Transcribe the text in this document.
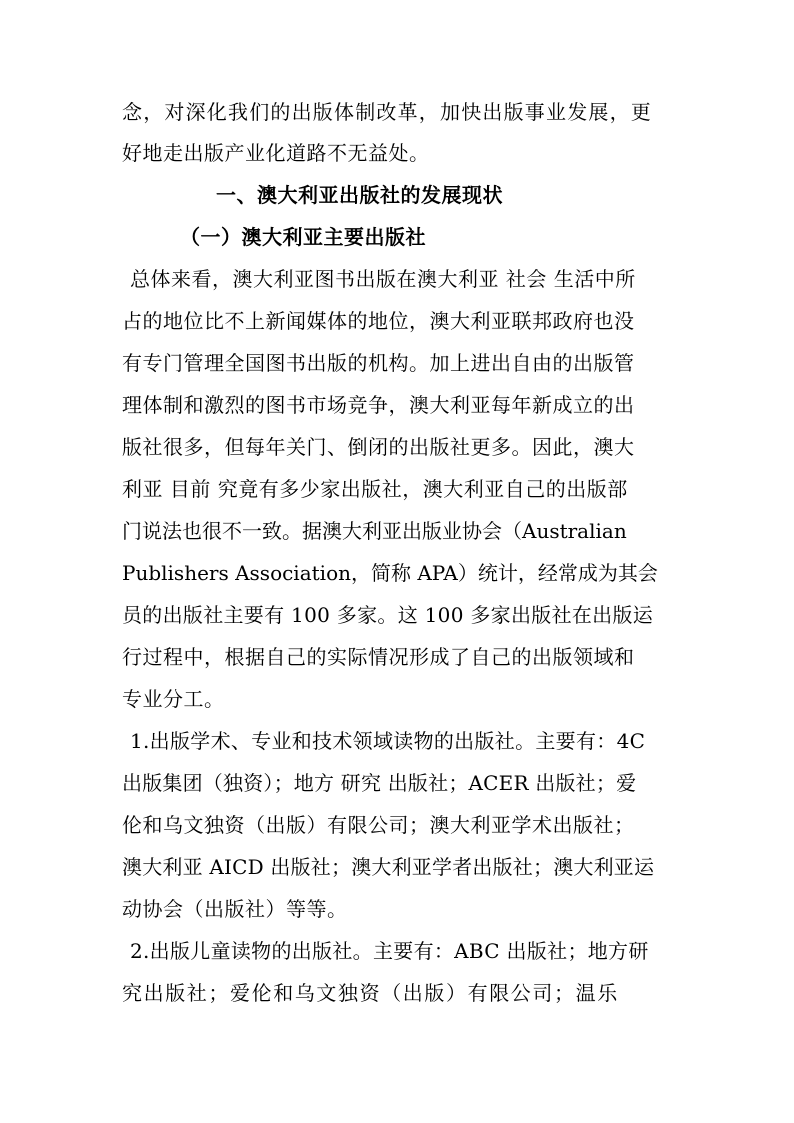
念，对深化我们的出版体制改革，加快出版事业发展，更
好地走出版产业化道路不无益处。
一、澳大利亚出版社的发展现状
（一）澳大利亚主要出版社
总体来看，澳大利亚图书出版在澳大利亚 社会 生活中所
占的地位比不上新闻媒体的地位，澳大利亚联邦政府也没
有专门管理全国图书出版的机构。加上进出自由的出版管
理体制和激烈的图书市场竞争，澳大利亚每年新成立的出
版社很多，但每年关门、倒闭的出版社更多。因此，澳大
利亚 目前 究竟有多少家出版社，澳大利亚自己的出版部
门说法也很不一致。据澳大利亚出版业协会（Australian
Publishers Association，简称 APA）统计，经常成为其会
员的出版社主要有 100 多家。这 100 多家出版社在出版运
行过程中，根据自己的实际情况形成了自己的出版领域和
专业分工。
1.出版学术、专业和技术领域读物的出版社。主要有：4C
出版集团（独资）；地方 研究 出版社；ACER 出版社；爱
伦和乌文独资（出版）有限公司；澳大利亚学术出版社；
澳大利亚 AICD 出版社；澳大利亚学者出版社；澳大利亚运
动协会（出版社）等等。
2.出版儿童读物的出版社。主要有：ABC 出版社；地方研
究出版社；爱伦和乌文独资（出版）有限公司；温乐
